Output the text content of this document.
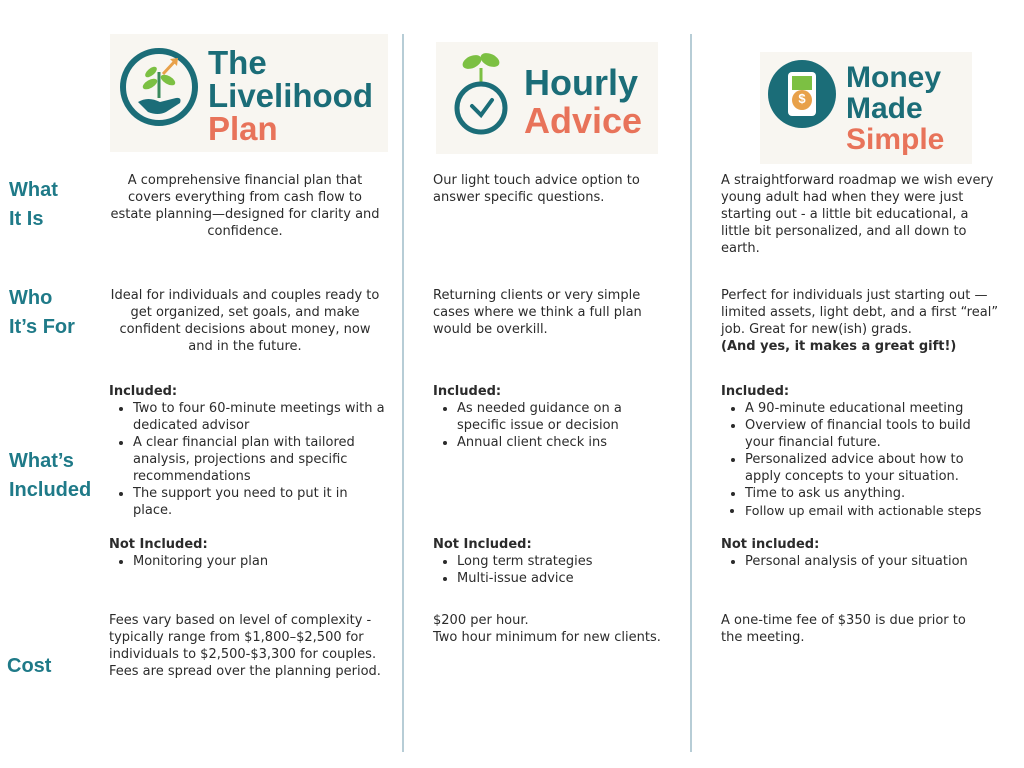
The
Livelihood
Plan
Hourly
Advice
$
Money
Made
Simple
What
It Is
Who
It’s For
What’s
Included
Cost

A comprehensive financial plan that covers everything from cash flow to estate planning—designed for clarity and confidence.

Ideal for individuals and couples ready to get organized, set goals, and make confident decisions about money, now and in the future.

Included:

• Two to four 60-minute meetings with a dedicated advisor
• A clear financial plan with tailored analysis, projections and specific recommendations
• The support you need to put it in place.

Not Included:

• Monitoring your plan

Fees vary based on level of complexity - typically range from $1,800–$2,500 for individuals to $2,500-$3,300 for couples. Fees are spread over the planning period.

Our light touch advice option to answer specific questions.

Returning clients or very simple cases where we think a full plan would be overkill.

Included:

• As needed guidance on a specific issue or decision
• Annual client check ins

Not Included:

• Long term strategies
• Multi-issue advice

$200 per hour.

Two hour minimum for new clients.

A straightforward roadmap we wish every young adult had when they were just starting out - a little bit educational, a little bit personalized, and all down to earth.

Perfect for individuals just starting out —limited assets, light debt, and a first “real” job. Great for new(ish) grads.

(And yes, it makes a great gift!)

Included:

• A 90-minute educational meeting
• Overview of financial tools to build your financial future.
• Personalized advice about how to apply concepts to your situation.
• Time to ask us anything.
• Follow up email with actionable steps

Not included:

• Personal analysis of your situation

A one-time fee of $350 is due prior to the meeting.
